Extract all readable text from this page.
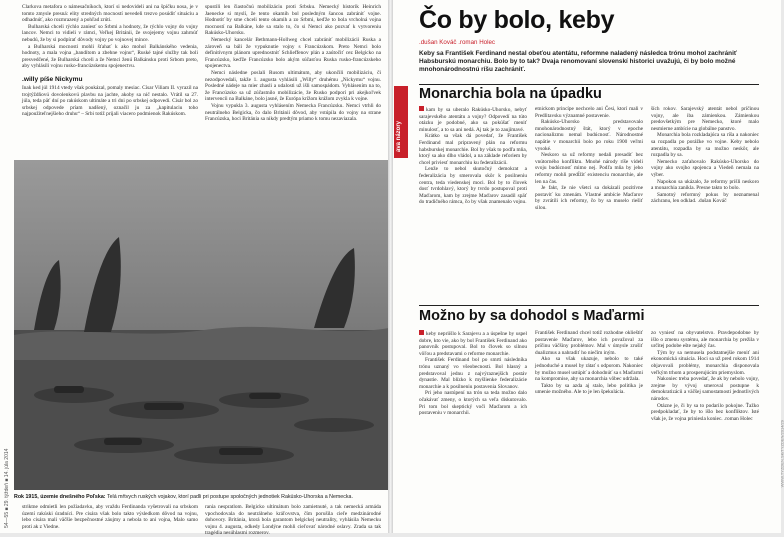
54—55 ■ 29. týždeň ■ 14. júla 2014

Clarkova metafora o námesačníkoch, ktorí si nedovideli ani na špičku nosa, je v tomto zmysle presná: elity stredných mocností nevedeli trezvo posúdiť situáciu a odhadnúť, ako rozmrazený a pohľad zrúti.

Bulharská chceli rýchlo zaniesť so Srbmi a hodnoty, že rýchlo vojny do vojny lancov. Nemci to vidieli v rámci, Veľkej Británii, že svojejemy vojnu zahrnúť nebudú, že by si podpírať dôvody vojny po vojnovej mince.

a Bulharská mocnosti mohli šťahať k ako mohol Balkánského vedenia, hodnoty, a mala vojna „bandítom a zbehne vojnu“, Ruské tajné služby tak boli presvedčené, že Bulharská chceli a že Nemci ženú Balkánsku proti Srbom preto, aby vyhlásili vojnu rusko-francúzskemu spojenectvu.

.willy píše Nickymu

Inak ked júl 1914 vtedy však poukázal, pomaly mesiac. Císar Viliam II. vyrazil na trojtýždňovú dovolenkovú plavbu na jachte, akoby sa nič nestalo. Vrátil sa 27. júla, teda päť dní po rakúskom ultimáte a tri dni po srbskej odpovedi. Cisár bol zo srbskej odpovede príam nadšený, označil ju za „kapitulaciu toho najpoužiteľnejšieho druhu“ – Srbi totiž prijali viacero podmienok Rakúskom.

spustili len čiastočnú mobilizáciu proti Srbsku. Nemecký historik Heinrich Jaenecke si myslí, že tento okamih bol posledným šancou zabrániť vojne. Hodnotiť by sme chceli tento okamih a zo Srbmi, keďže to bola vrcholná vojna mocností na Balkáne, kde sa stalo to, čo si Nemci ako pozvať k vytvoreniu Rakúsko-Uhorsku.

Nemecký kancelár Bethmann-Hollweg chcel zabrániť mobilizácii Ruska a zároveň sa báli že vypuknutie vojny s Francúzskom. Preto Nemci bolo definitívnym plánom uprednostniť Schlieffenov plán a zaútočiť cez Belgicko na Francúzsko, keďže Francúzsko bolo akým súčasťou Ruska rusko-francúzskeho spojenectva.

Nemci následne poslali Rusom ultimátum, aby ukončili mobilizáciu, či nezodpovedali, takže 1. augusta vyhlásili „Willy“ druhému „Nickymu“ vojnu. Posledné nádeje na mier zhasli a udalosti už išli samospádom. Vyhlásením na to, že Francúzsko sa už zúčastnilo mobilizácie, že Rusko podporí pri akejkoľvek intervencii na Balkáne, bolo jasné, že Európa krížom krážom zvykla k vojne.

Vojnu vypukla 3. augusta vyhlásením Nemecka Francúzsku. Nemci vtrhli do neutrálneho Belgicka, čo dalo Británii dôvod, aby vstúpila do vojny na strane Francúzska, hoci Británia sa nikdy predtým priamo k tomu nezaviazala.

Rok 1915, územie dnešného Poľska: Telá mŕtvych ruských vojakov, ktorí padli pri postupe spoločných jednotiek Rakúsko-Uhorska a Nemecka.

striktne odmietli len požiadavku, aby vraždu Ferdinanda vyšetrovali na srbskom území rakúski úradníci. Pre cisára však bolo takto výsledkom dôvod na vojnu, lebo cisára mali väčšie bezpečnostné záujmy a nebola to ani vojna, Malo samo proti ak z Viedne.

rania nespratlom. Belgicko ultimátum bolo zamietnuté, a tak nemecká armáda vpochodovala do neutrálneho kráľovstva, čím porušila cieľe medzinárodné dohovory. Británia, ktorá bola garantom belgickej neutrality, vyhlásila Nemecku vojnu 4. augusta, odkedy Londýne mohli cieľovať národné oslavy. Zrada sa tak tragédia nesúhlasmi rozmerov.

ava názory
Čo by bolo, keby
.dušan Kováč .roman Holec
Keby sa František Ferdinand nestal obeťou atentátu, reformne naladený následca trónu mohol zachrániť Habsburskú monarchiu. Bolo by to tak? Dvaja renomovaní slovenskí historici uvažujú, či by bolo možné mnohonárodnostnú ríšu zachrániť.
Monarchia bola na úpadku

kam by sa uberalo Rakúsko-Uhorsko, nebyť sarajevského atentátu a vojny? Odpovedí na túto otázku je podobné, ako sa pokúšať meniť minulosť, a to sa ani nedá. Aj tak je to zaujímavé.

Krátko sa však dá povedať, že František Ferdinand mal pripravený plán na reformu habsburskej monarchie. Bol by však to podľa mňa, ktorý sa ako dlho vládol, a na základe reforiem by chcel priviesť monarchiu ku federalizácii.

Lenže to nebol skutočný demokrat a federalizácia by smerovala skôr k posilneniu centra, teda viedenskej moci. Bol by to človek dosť tvrdohlavý, ktorý by tvrdo postupoval proti Maďarom, kam by zrejme Maďarov zasadil späť do tradičného rámca, čo by však znamenalo vojnu.

etnickom princípe nechcelo ani Česi, ktorí mali v Predlitavsku významné postavenie.

Rakúsko-Uhorsko predstavovalo mnohonárodnostný štát, ktorý v epoche nacionalizmu nemal budúcnosť. Národnostné napätie v monarchii bolo po roku 1900 veľmi vysoké.

Neskoro sa už reformy nedali presadiť bez vnútorného konfliktu. Mnohé národy ríše videli svoju budúcnosť mimo nej. Podľa mňa by jeho reformy mohli predĺžiť existenciu monarchie, ale len na čas.

Je fakt, že nie všetci sa dokázali pozitívne postaviť ku zmenám. Vlastné ambície Maďarov by zvrátili ich reformy, čo by sa muselo riešiť silou.

ších rokov. Sarajevský atentát nebol príčinou vojny, ale iba zámienkou. Zámienkou predovšetkým pre Nemecko, ktoré malo nesmierne ambície na globálne panstvo.

Monarchia bola rozkladajúca sa ríša a nakoniec sa rozpadla po porážke vo vojne. Keby nebolo atentátu, rozpadla by sa možno neskôr, ale rozpadla by sa.

Nemecko zaťahovalo Rakúsko-Uhorsko do vojny ako svojho spojenca a Viedeň nemala na výber.

Napokon sa ukázalo, že reformy prišli neskoro a monarchia zanikla. Presne takto to bolo.

Samotný reformný pokus by neznamenal záchranu, len odklad. .dušan Kováč

Možno by sa dohodol s Maďarmi

keby nepriišlo k Sarajevu a a úspešne by uspel dobre, kto vie, ako by bol František Ferdinand ako panovník postupoval. Bol to človek so silnou vôľou a predstavami o reforme monarchie.

František Ferdinand bol po smrti následníka trónu uznaný vo všeobecnosti. Bol hlasný a predstavoval jednu z najvýraznejších postáv dynastie. Mal blízko k myšlienke federalizácie monarchie a k posilneniu postavenia Slovanov.

Pri jeho nastúpení na trón sa teda možno dalo očakávať zmeny, o ktorých sa veľa diskutovalo. Pri tom bol skeptický voči Maďarom a ich postaveniu v monarchii.

František Ferdinand chcel totiž rozhodne oklieštiť postavenie Maďarov, lebo ich považoval za príčinu väčšiny problémov. Mal v úmysle zrušiť dualizmus a nahradiť ho niečím iným.

Ako sa však ukazuje, nebolo to také jednoduché a musel by rátať s odporom. Nakoniec by možno musel ustúpiť a dohodnúť sa s Maďarmi na kompromise, aby sa monarchia vôbec udržala.

Takto by sa azda aj stalo, lebo politika je umenie možného. Ale to je len špekulácia.

zo vyniesť na obyvatelstvo. Pravdepodobne by išlo o zmenu systému, ale monarchia by prežila v určitej podobe ešte nejaký čas.

Tým by sa nemusela podstatnejšie meniť ani ekonomická situácia. Hoci sa už pred rokom 1914 objavovali problémy, monarchia disponovala veľkým trhom a prosperujúcim priemyslom.

Nakoniec treba povedať, že ak by nebolo vojny, zrejme by vývoj smeroval postupne k demokratizácii a väčšej samostatnosti jednotlivých národov.

Otázne je, či by sa to podarilo pokojne. Ťažko predpokladať, že by to išlo bez konfliktov. Isté však je, že vojna priniesla koniec. .roman Holec

WWW.TYZDEN.SK/TYZDEN/2014/29
